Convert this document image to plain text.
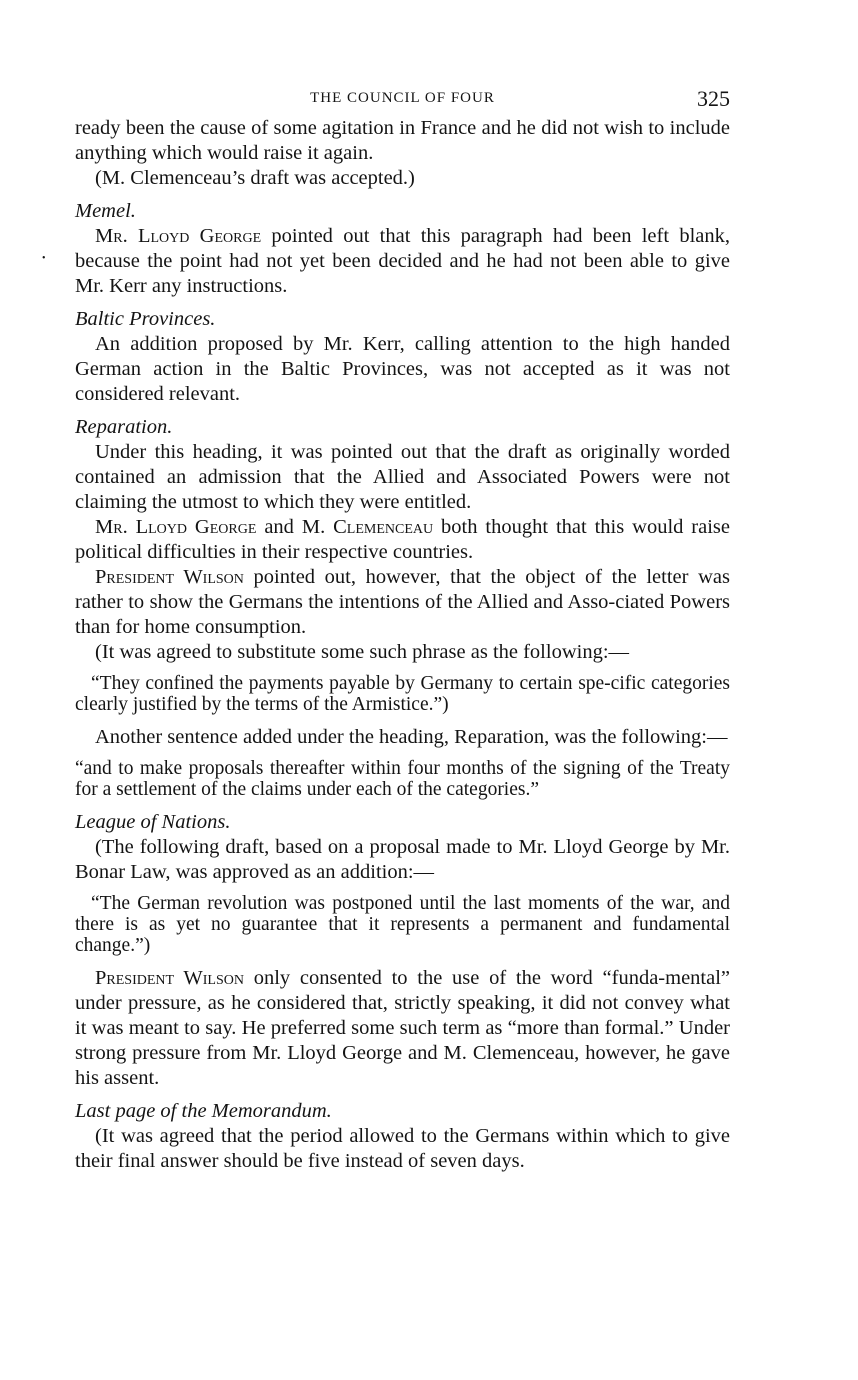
•
THE COUNCIL OF FOUR	325

ready been the cause of some agitation in France and he did not wish to include anything which would raise it again.

(M. Clemenceau’s draft was accepted.)

Memel.

Mr. Lloyd George pointed out that this paragraph had been left blank, because the point had not yet been decided and he had not been able to give Mr. Kerr any instructions.

Baltic Provinces.

An addition proposed by Mr. Kerr, calling attention to the high handed German action in the Baltic Provinces, was not accepted as it was not considered relevant.

Reparation.

Under this heading, it was pointed out that the draft as originally worded contained an admission that the Allied and Associated Powers were not claiming the utmost to which they were entitled.

Mr. Lloyd George and M. Clemenceau both thought that this would raise political difficulties in their respective countries.

President Wilson pointed out, however, that the object of the letter was rather to show the Germans the intentions of the Allied and Asso-ciated Powers than for home consumption.

(It was agreed to substitute some such phrase as the following:—

“They confined the payments payable by Germany to certain spe-cific categories clearly justified by the terms of the Armistice.”)

Another sentence added under the heading, Reparation, was the following:—

“and to make proposals thereafter within four months of the signing of the Treaty for a settlement of the claims under each of the categories.”

League of Nations.

(The following draft, based on a proposal made to Mr. Lloyd George by Mr. Bonar Law, was approved as an addition:—

“The German revolution was postponed until the last moments of the war, and there is as yet no guarantee that it represents a permanent and fundamental change.”)

President Wilson only consented to the use of the word “funda-mental” under pressure, as he considered that, strictly speaking, it did not convey what it was meant to say. He preferred some such term as “more than formal.” Under strong pressure from Mr. Lloyd George and M. Clemenceau, however, he gave his assent.

Last page of the Memorandum.

(It was agreed that the period allowed to the Germans within which to give their final answer should be five instead of seven days.
